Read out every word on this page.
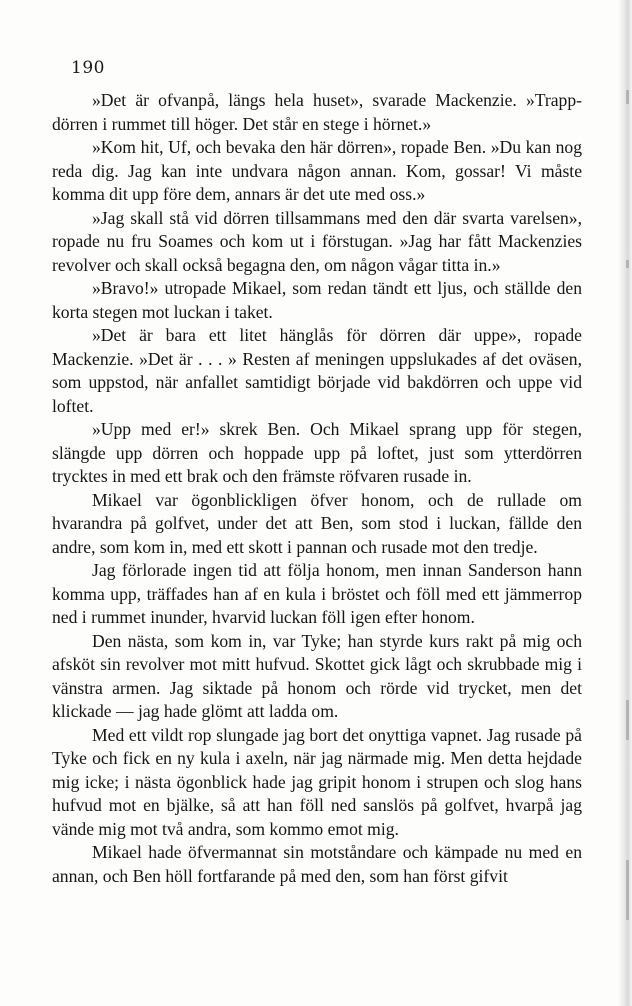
190

»Det är ofvanpå, längs hela huset», svarade Mackenzie. »Trappdörren i rummet till höger. Det står en stege i hörnet.»

»Kom hit, Uf, och bevaka den här dörren», ropade Ben. »Du kan nog reda dig. Jag kan inte undvara någon annan. Kom, gossar! Vi måste komma dit upp före dem, annars är det ute med oss.»

»Jag skall stå vid dörren tillsammans med den där svarta varelsen», ropade nu fru Soames och kom ut i förstugan. »Jag har fått Mackenzies revolver och skall också begagna den, om någon vågar titta in.»

»Bravo!» utropade Mikael, som redan tändt ett ljus, och ställde den korta stegen mot luckan i taket.

»Det är bara ett litet hänglås för dörren där uppe», ropade Mackenzie. »Det är . . . » Resten af meningen uppslukades af det oväsen, som uppstod, när anfallet samtidigt började vid bakdörren och uppe vid loftet.

»Upp med er!» skrek Ben. Och Mikael sprang upp för stegen, slängde upp dörren och hoppade upp på loftet, just som ytterdörren trycktes in med ett brak och den främste röfvaren rusade in.

Mikael var ögonblickligen öfver honom, och de rullade om hvarandra på golfvet, under det att Ben, som stod i luckan, fällde den andre, som kom in, med ett skott i pannan och rusade mot den tredje.

Jag förlorade ingen tid att följa honom, men innan Sanderson hann komma upp, träffades han af en kula i bröstet och föll med ett jämmerrop ned i rummet inunder, hvarvid luckan föll igen efter honom.

Den nästa, som kom in, var Tyke; han styrde kurs rakt på mig och afsköt sin revolver mot mitt hufvud. Skottet gick lågt och skrubbade mig i vänstra armen. Jag siktade på honom och rörde vid trycket, men det klickade — jag hade glömt att ladda om.

Med ett vildt rop slungade jag bort det onyttiga vapnet. Jag rusade på Tyke och fick en ny kula i axeln, när jag närmade mig. Men detta hejdade mig icke; i nästa ögonblick hade jag gripit honom i strupen och slog hans hufvud mot en bjälke, så att han föll ned sanslös på golfvet, hvarpå jag vände mig mot två andra, som kommo emot mig.

Mikael hade öfvermannat sin motståndare och kämpade nu med en annan, och Ben höll fortfarande på med den, som han först gifvit
